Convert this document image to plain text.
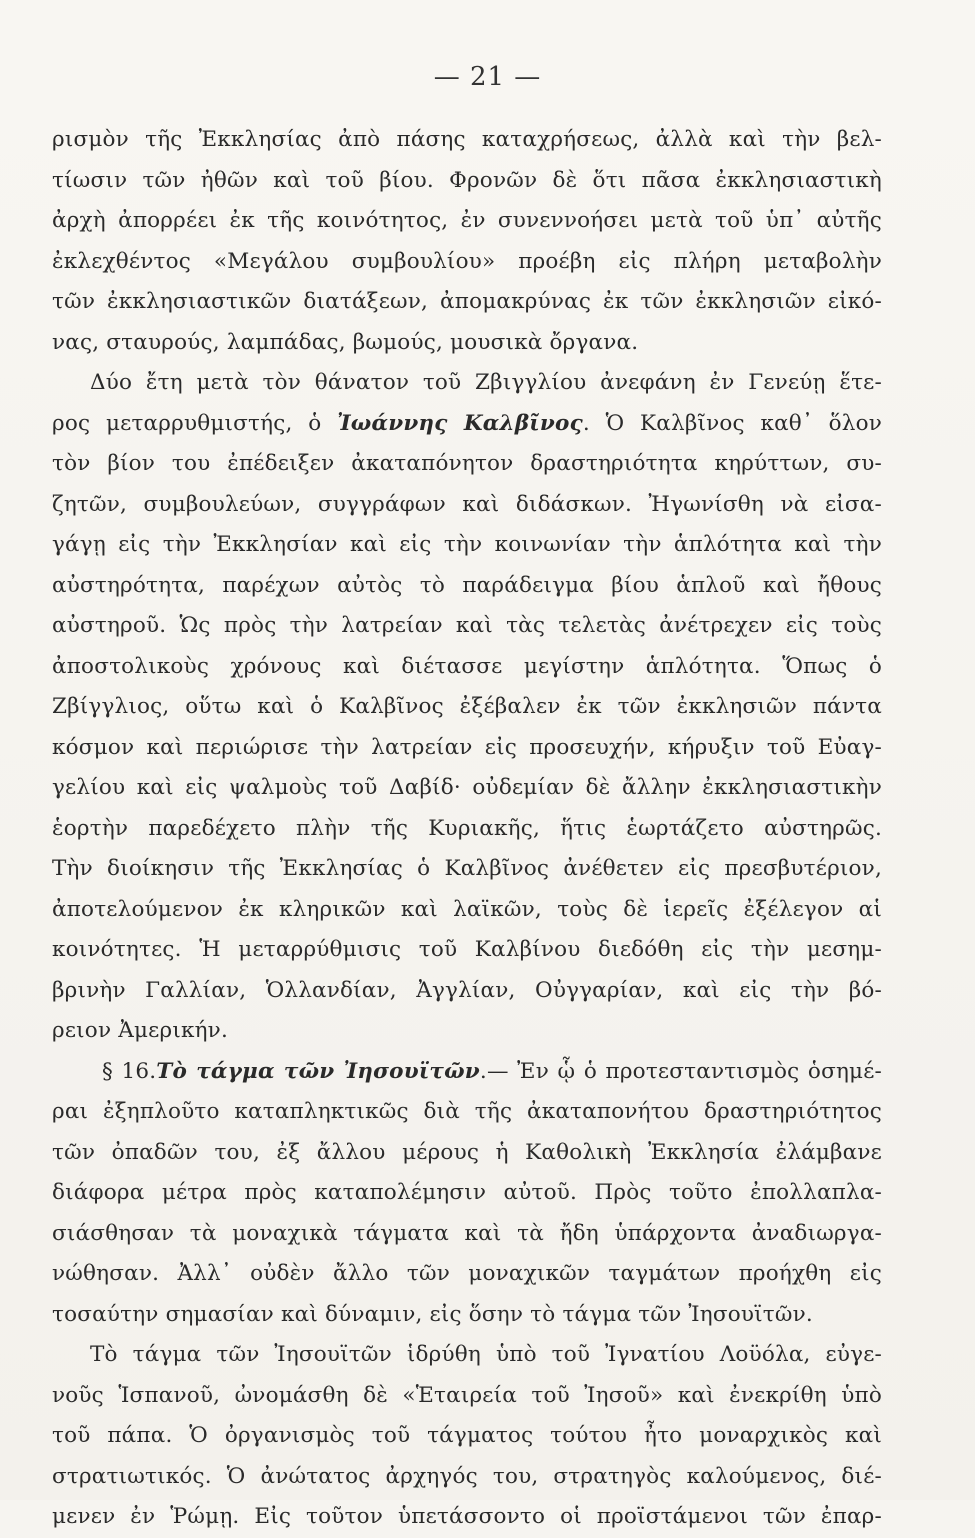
— 21 —
ρισμὸν τῆς Ἐκκλησίας ἀπὸ πάσης καταχρήσεως, ἀλλὰ καὶ τὴν βελ-
τίωσιν τῶν ἠθῶν καὶ τοῦ βίου. Φρονῶν δὲ ὅτι πᾶσα ἐκκλησιαστικὴ
ἀρχὴ ἀπορρέει ἐκ τῆς κοινότητος, ἐν συνεννοήσει μετὰ τοῦ ὑπ᾽ αὐτῆς
ἐκλεχθέντος «Μεγάλου συμβουλίου» προέβη εἰς πλήρη μεταβολὴν
τῶν ἐκκλησιαστικῶν διατάξεων, ἀπομακρύνας ἐκ τῶν ἐκκλησιῶν εἰκό-
νας, σταυρούς, λαμπάδας, βωμούς, μουσικὰ ὄργανα.
Δύο ἔτη μετὰ τὸν θάνατον τοῦ Ζβιγγλίου ἀνεφάνη ἐν Γενεύῃ ἕτε-
ρος μεταρρυθμιστής, ὁ Ἰωάννης Καλβῖνος. Ὁ Καλβῖνος καθ᾽ ὅλον
τὸν βίον του ἐπέδειξεν ἀκαταπόνητον δραστηριότητα κηρύττων, συ-
ζητῶν, συμβουλεύων, συγγράφων καὶ διδάσκων. Ἠγωνίσθη νὰ εἰσα-
γάγῃ εἰς τὴν Ἐκκλησίαν καὶ εἰς τὴν κοινωνίαν τὴν ἁπλότητα καὶ τὴν
αὐστηρότητα, παρέχων αὐτὸς τὸ παράδειγμα βίου ἁπλοῦ καὶ ἤθους
αὐστηροῦ. Ὡς πρὸς τὴν λατρείαν καὶ τὰς τελετὰς ἀνέτρεχεν εἰς τοὺς
ἀποστολικοὺς χρόνους καὶ διέτασσε μεγίστην ἁπλότητα. Ὅπως ὁ
Ζβίγγλιος, οὕτω καὶ ὁ Καλβῖνος ἐξέβαλεν ἐκ τῶν ἐκκλησιῶν πάντα
κόσμον καὶ περιώρισε τὴν λατρείαν εἰς προσευχήν, κήρυξιν τοῦ Εὐαγ-
γελίου καὶ εἰς ψαλμοὺς τοῦ Δαβίδ· οὐδεμίαν δὲ ἄλλην ἐκκλησιαστικὴν
ἑορτὴν παρεδέχετο πλὴν τῆς Κυριακῆς, ἥτις ἑωρτάζετο αὐστηρῶς.
Τὴν διοίκησιν τῆς Ἐκκλησίας ὁ Καλβῖνος ἀνέθετεν εἰς πρεσβυτέριον,
ἀποτελούμενον ἐκ κληρικῶν καὶ λαϊκῶν, τοὺς δὲ ἱερεῖς ἐξέλεγον αἱ
κοινότητες. Ἡ μεταρρύθμισις τοῦ Καλβίνου διεδόθη εἰς τὴν μεσημ-
βρινὴν Γαλλίαν, Ὁλλανδίαν, Ἀγγλίαν, Οὐγγαρίαν, καὶ εἰς τὴν βό-
ρειον Ἀμερικήν.
§ 16.Τὸ τάγμα τῶν Ἰησουϊτῶν.— Ἐν ᾧ ὁ προτεσταντισμὸς ὁσημέ-
ραι ἐξηπλοῦτο καταπληκτικῶς διὰ τῆς ἀκαταπονήτου δραστηριότητος
τῶν ὀπαδῶν του, ἐξ ἄλλου μέρους ἡ Καθολικὴ Ἐκκλησία ἐλάμβανε
διάφορα μέτρα πρὸς καταπολέμησιν αὐτοῦ. Πρὸς τοῦτο ἐπολλαπλα-
σιάσθησαν τὰ μοναχικὰ τάγματα καὶ τὰ ἤδη ὑπάρχοντα ἀναδιωργα-
νώθησαν. Ἀλλ᾽ οὐδὲν ἄλλο τῶν μοναχικῶν ταγμάτων προήχθη εἰς
τοσαύτην σημασίαν καὶ δύναμιν, εἰς ὅσην τὸ τάγμα τῶν Ἰησουϊτῶν.
Τὸ τάγμα τῶν Ἰησουϊτῶν ἱδρύθη ὑπὸ τοῦ Ἰγνατίου Λοϋόλα, εὐγε-
νοῦς Ἱσπανοῦ, ὠνομάσθη δὲ «Ἑταιρεία τοῦ Ἰησοῦ» καὶ ἐνεκρίθη ὑπὸ
τοῦ πάπα. Ὁ ὀργανισμὸς τοῦ τάγματος τούτου ἦτο μοναρχικὸς καὶ
στρατιωτικός. Ὁ ἀνώτατος ἀρχηγός του, στρατηγὸς καλούμενος, διέ-
μενεν ἐν Ῥώμῃ. Εἰς τοῦτον ὑπετάσσοντο οἱ προϊστάμενοι τῶν ἐπαρ-
